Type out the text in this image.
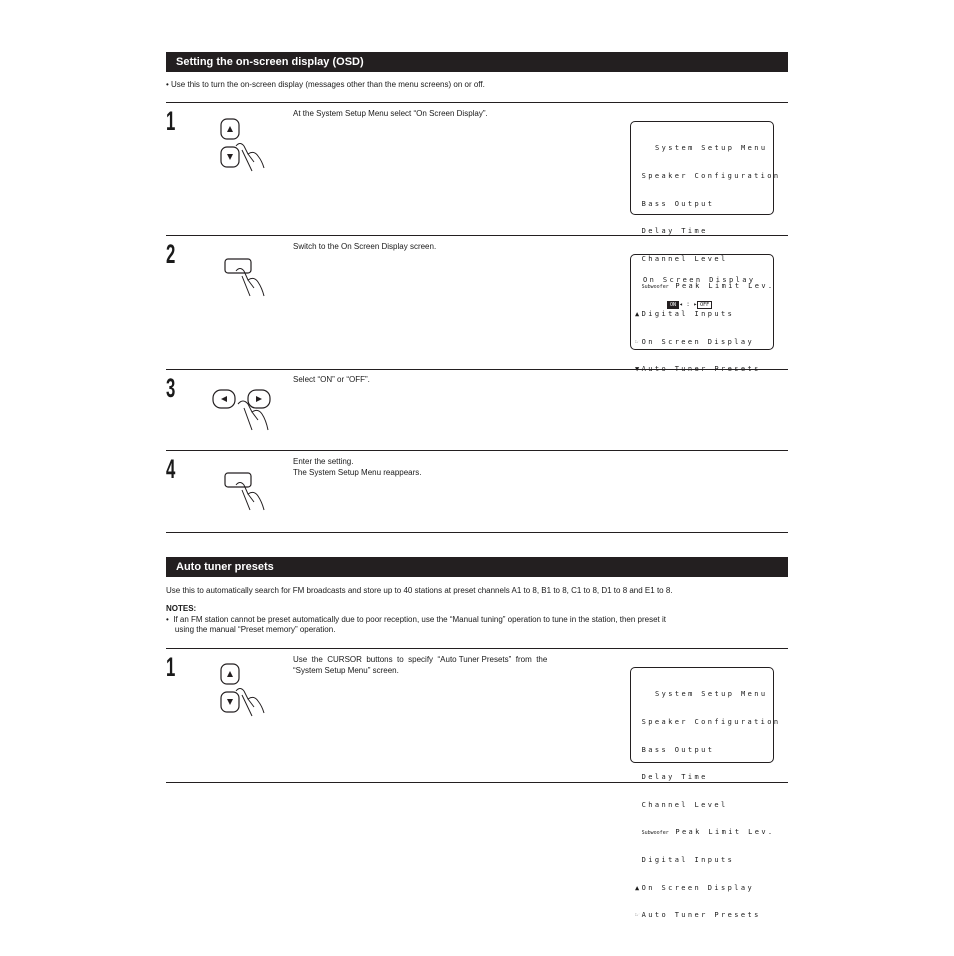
Setting the on-screen display (OSD)
• Use this to turn the on-screen display (messages other than the menu screens) on or off.
1	At the System Setup Menu select “On Screen Display”.

System Setup Menu

Speaker Configuration

Bass Output

Delay Time

Channel Level

Subwoofer Peak Limit Lev.

▲Digital Inputs

☞On Screen Display

2	Switch to the On Screen Display screen.
On Screen Display

ON ◂ : ▸ OFF

3	Select “ON” or “OFF”.
4	Enter the setting.
The System Setup Menu reappears.
Auto tuner presets
Use this to automatically search for FM broadcasts and store up to 40 stations at preset channels A1 to 8, B1 to 8, C1 to 8, D1 to 8 and E1 to 8.
NOTES:
•  If an FM station cannot be preset automatically due to poor reception, use the “Manual tuning” operation to tune in the station, then preset it
using the manual “Preset memory” operation.
1	Use  the  CURSOR  buttons  to  specify  “Auto Tuner Presets”  from  the
“System Setup Menu” screen.

System Setup Menu

Speaker Configuration

Bass Output

Delay Time

Channel Level

Subwoofer Peak Limit Lev.

Digital Inputs

▲On Screen Display

☞Auto Tuner Presets
